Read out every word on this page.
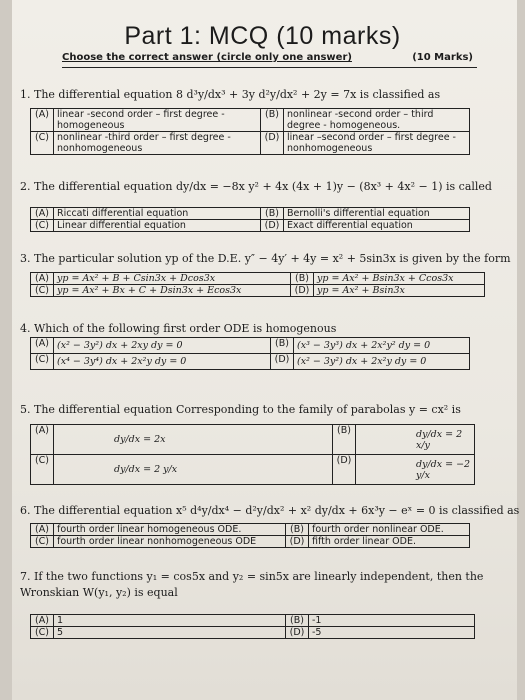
Part 1: MCQ (10 marks)
Choose the correct answer (circle only one answer)	(10 Marks)
1. The differential equation 8 d³y/dx³ + 3y d²y/dx² + 2y = 7x is classified as
(A)	linear -second order – first degree - homogeneous	(B)	nonlinear -second order – third degree - homogeneous.
(C)	nonlinear -third order – first degree - nonhomogeneous	(D)	linear –second order – first degree - nonhomogeneous
2. The differential equation dy/dx = −8x y² + 4x (4x + 1)y − (8x³ + 4x² − 1) is called
(A)	Riccati differential equation	(B)	Bernolli's differential equation
(C)	Linear differential equation	(D)	Exact differential equation
3. The particular solution yp of the D.E. y″ − 4y′ + 4y = x² + 5sin3x is given by the form
(A)	yp = Ax² + B + Csin3x + Dcos3x	(B)	yp = Ax² + Bsin3x + Ccos3x
(C)	yp = Ax² + Bx + C + Dsin3x + Ecos3x	(D)	yp = Ax² + Bsin3x
4. Which of the following first order ODE is homogenous
(A)	(x² − 3y²) dx + 2xy dy = 0	(B)	(x³ − 3y³) dx + 2x²y² dy = 0
(C)	(x⁴ − 3y⁴) dx + 2x²y dy = 0	(D)	(x² − 3y²) dx + 2x²y dy = 0
5. The differential equation Corresponding to the family of parabolas y = cx² is
(A)	dy/dx = 2x	(B)	dy/dx = 2 x/y
(C)	dy/dx = 2 y/x	(D)	dy/dx = −2 y/x
6. The differential equation x⁵ d⁴y/dx⁴ − d²y/dx² + x² dy/dx + 6x³y − eˣ = 0 is classified as
(A)	fourth order linear homogeneous ODE.	(B)	fourth order nonlinear ODE.
(C)	fourth order linear nonhomogeneous ODE	(D)	fifth order linear ODE.
7. If the two functions y₁ = cos5x and y₂ = sin5x are linearly independent, then the
Wronskian W(y₁, y₂) is equal
(A)	1	(B)	-1
(C)	5	(D)	-5
